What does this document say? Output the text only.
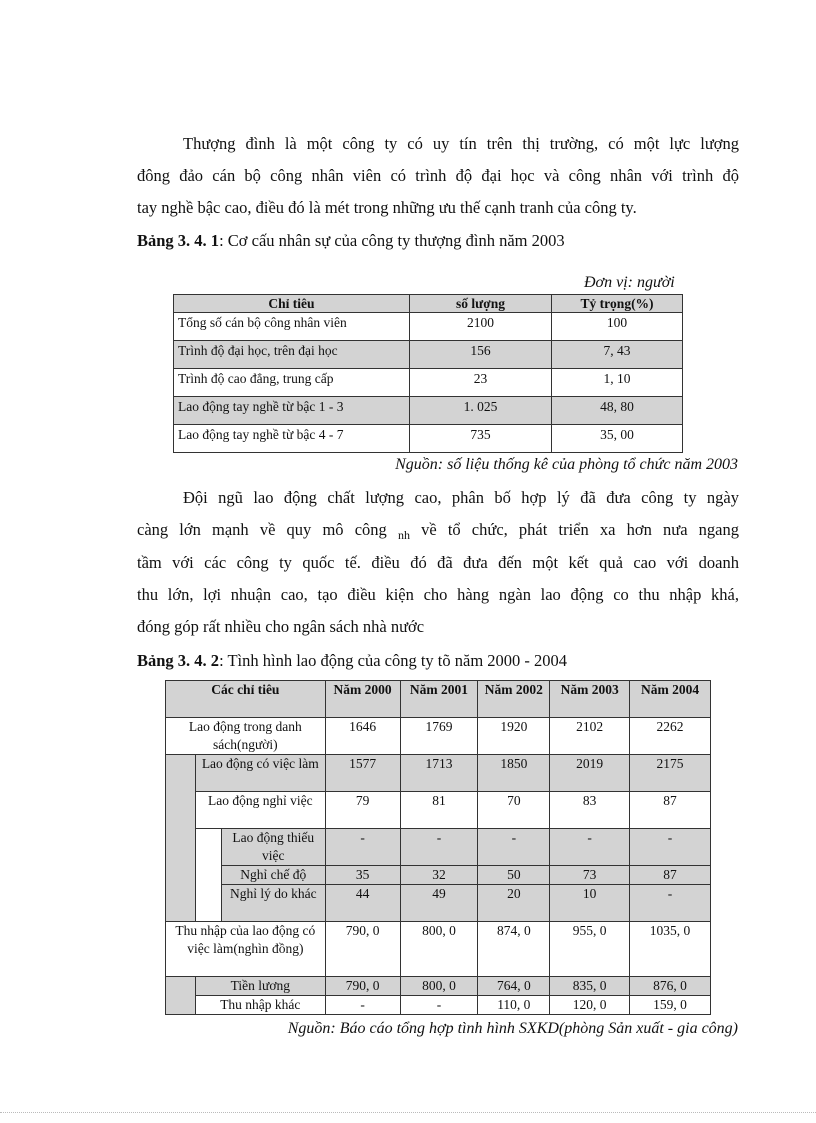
Thượng đình là một công ty có uy tín trên thị trường, có một lực lượng
đông đảo cán bộ công nhân viên có trình độ đại học và công nhân với trình độ
tay nghề bậc cao, điều đó là mét trong những ưu thế cạnh tranh của công ty.
Bảng 3. 4. 1: Cơ cấu nhân sự của công ty thượng đình năm 2003
Đơn vị: người
Chỉ tiêu	số lượng	Tỷ trọng(%)
Tổng số cán bộ công nhân viên	2100	100
Trình độ đại học, trên đại học	156	7, 43
Trình độ cao đẳng, trung cấp	23	1, 10
Lao động tay nghề từ bậc 1 - 3	1. 025	48, 80
Lao động tay nghề từ bậc 4 - 7	735	35, 00
Nguồn: số liệu thống kê của phòng tổ chức năm 2003
Đội ngũ lao động chất lượng cao, phân bố hợp lý đã đưa công ty ngày
càng lớn mạnh về quy mô công $_{nh}$ về tổ chức, phát triển xa hơn nưa ngang
tầm với các công ty quốc tế. điều đó đã đưa đến một kết quả cao với doanh
thu lớn, lợi nhuận cao, tạo điều kiện cho hàng ngàn lao động co thu nhập khá,
đóng góp rất nhiều cho ngân sách nhà nước
Bảng 3. 4. 2: Tình hình lao động của công ty tõ năm 2000 - 2004
Các chỉ tiêu			Năm 2000	Năm 2001	Năm 2002	Năm 2003	Năm 2004
Lao động trong danh sách(người)			1646	1769	1920	2102	2262
	Lao động có việc làm		1577	1713	1850	2019	2175
	Lao động nghỉ việc		79	81	70	83	87
		Lao động thiếu việc	-	-	-	-	-
		Nghỉ chế độ	35	32	50	73	87
		Nghỉ lý do khác	44	49	20	10	-
Thu nhập của lao động có việc làm(nghìn đồng)			790, 0	800, 0	874, 0	955, 0	1035, 0
	Tiền lương		790, 0	800, 0	764, 0	835, 0	876, 0
	Thu nhập khác		-	-	110, 0	120, 0	159, 0
Nguồn: Báo cáo tổng hợp tình hình SXKD(phòng Sản xuất - gia công)
